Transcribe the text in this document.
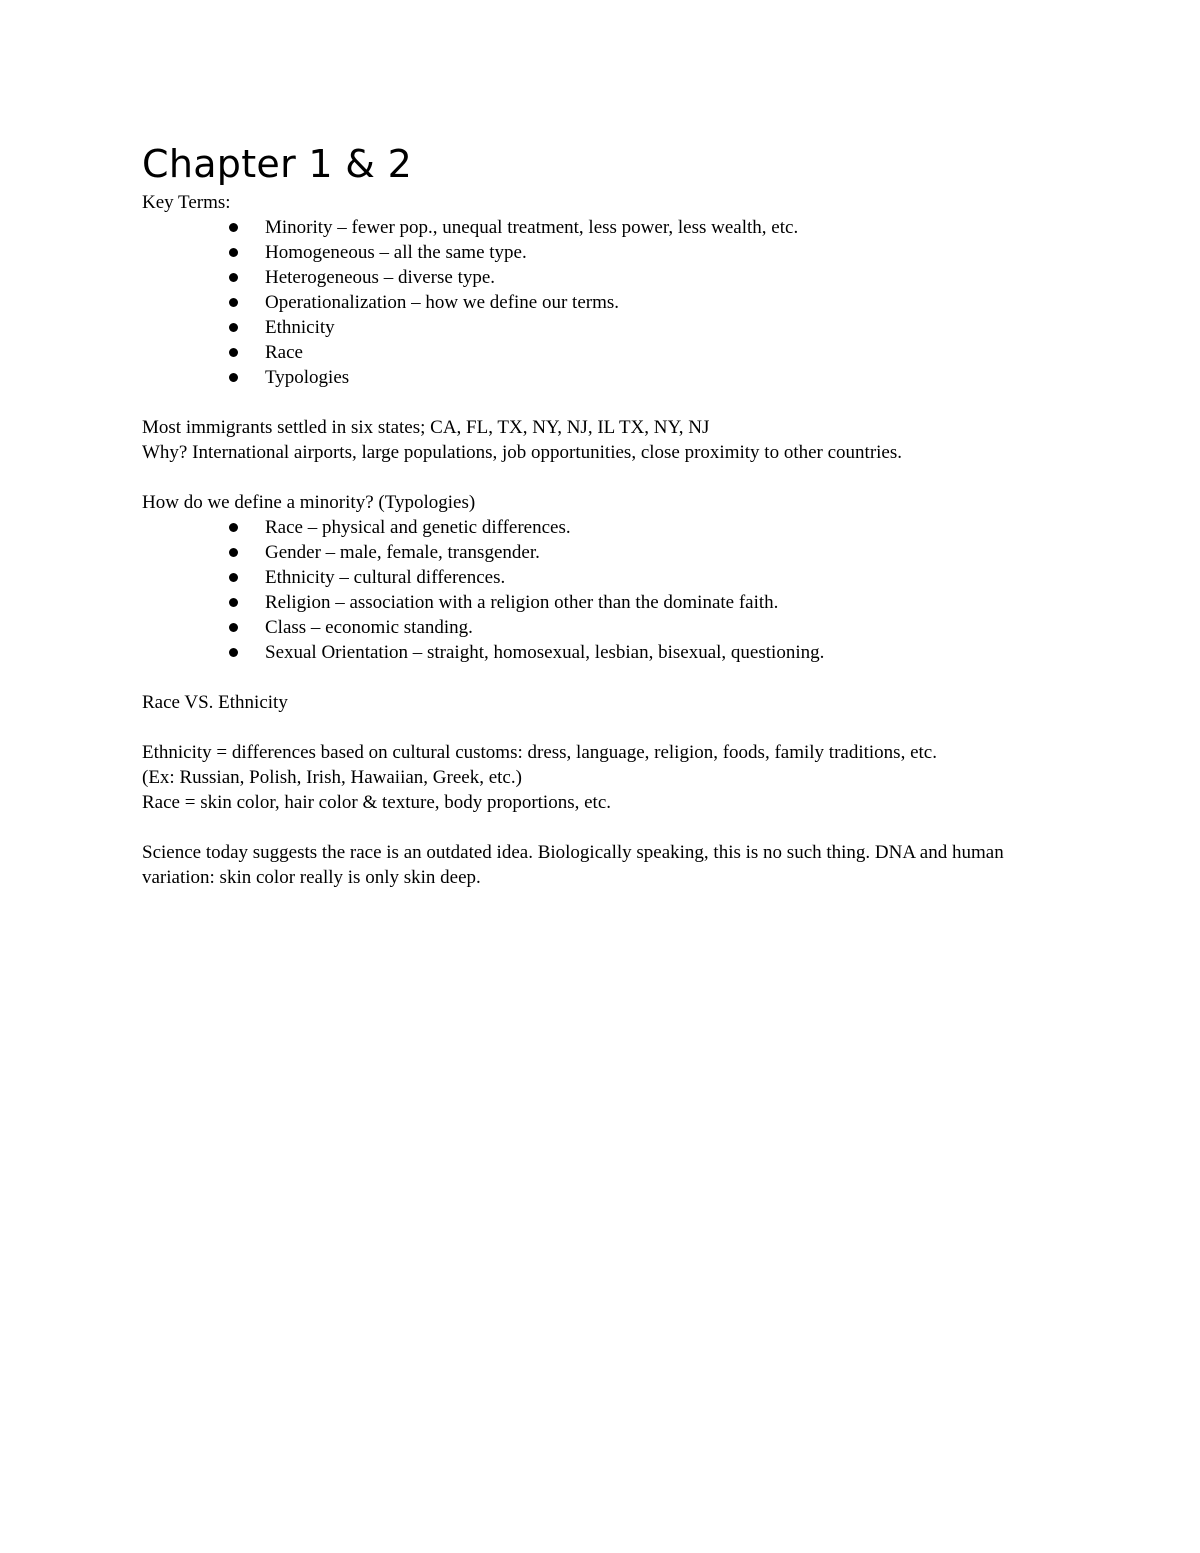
Chapter 1 & 2

Key Terms:

Minority – fewer pop., unequal treatment, less power, less wealth, etc.
Homogeneous – all the same type.
Heterogeneous – diverse type.
Operationalization – how we define our terms.
Ethnicity
Race
Typologies

Most immigrants settled in six states; CA, FL, TX, NY, NJ, IL TX, NY, NJ

Why? International airports, large populations, job opportunities, close proximity to other countries.

How do we define a minority? (Typologies)

Race – physical and genetic differences.
Gender – male, female, transgender.
Ethnicity – cultural differences.
Religion – association with a religion other than the dominate faith.
Class – economic standing.
Sexual Orientation – straight, homosexual, lesbian, bisexual, questioning.

Race VS. Ethnicity

Ethnicity = differences based on cultural customs: dress, language, religion, foods, family traditions, etc.

(Ex: Russian, Polish, Irish, Hawaiian, Greek, etc.)

Race = skin color, hair color & texture, body proportions, etc.

Science today suggests the race is an outdated idea. Biologically speaking, this is no such thing. DNA and human variation: skin color really is only skin deep.
